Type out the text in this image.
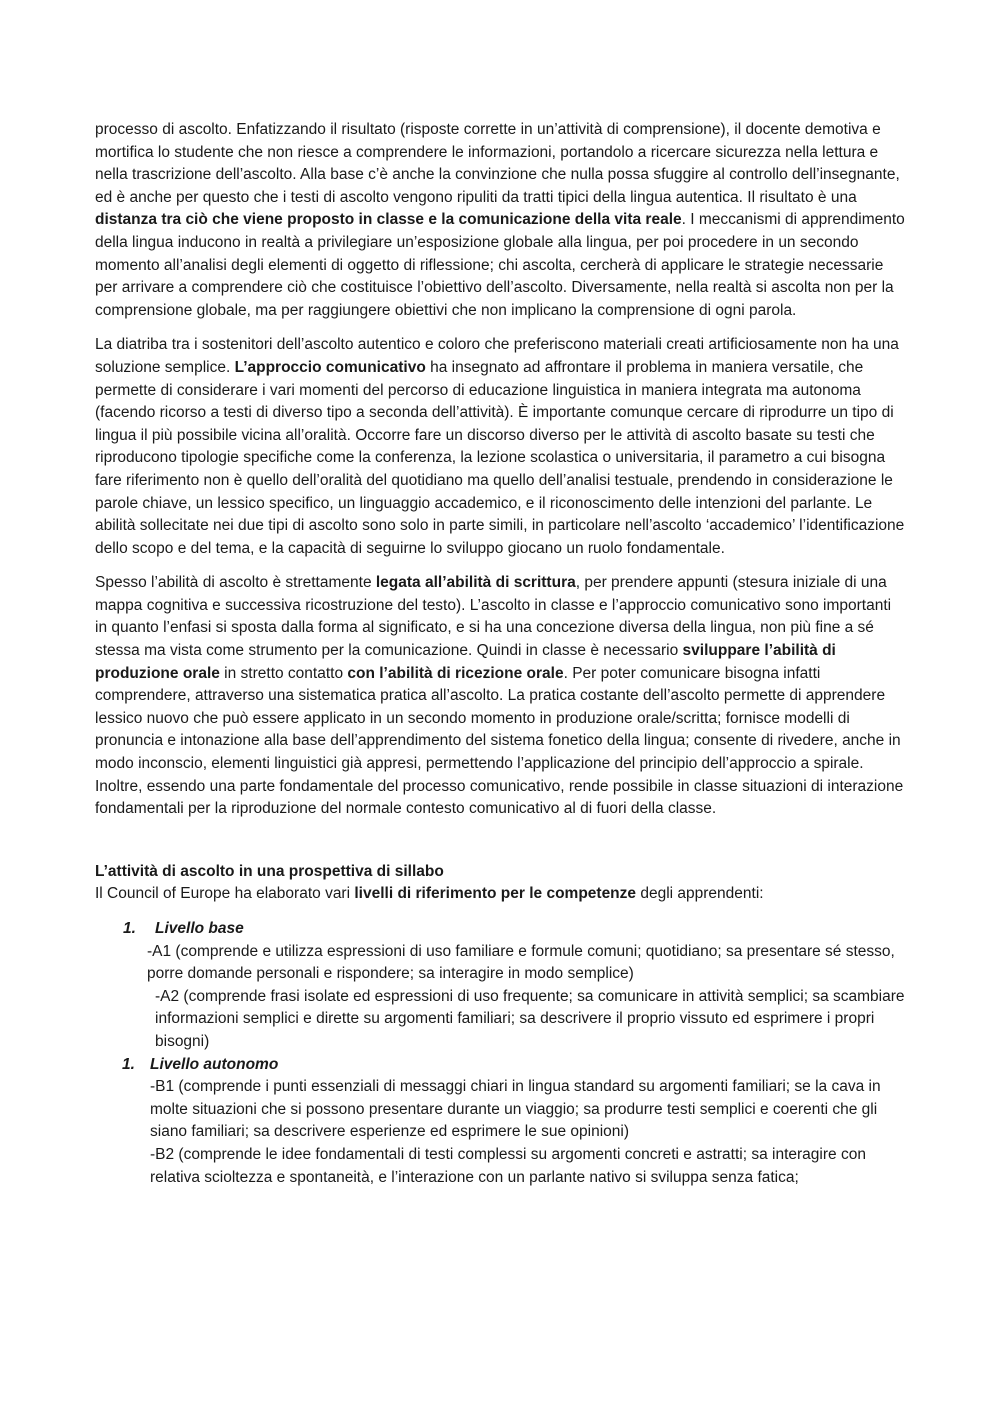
processo di ascolto. Enfatizzando il risultato (risposte corrette in un’attività di comprensione), il docente demotiva e mortifica lo studente che non riesce a comprendere le informazioni, portandolo a ricercare sicurezza nella lettura e nella trascrizione dell’ascolto. Alla base c’è anche la convinzione che nulla possa sfuggire al controllo dell’insegnante, ed è anche per questo che i testi di ascolto vengono ripuliti da tratti tipici della lingua autentica. Il risultato è una distanza tra ciò che viene proposto in classe e la comunicazione della vita reale. I meccanismi di apprendimento della lingua inducono in realtà a privilegiare un’esposizione globale alla lingua, per poi procedere in un secondo momento all’analisi degli elementi di oggetto di riflessione; chi ascolta, cercherà di applicare le strategie necessarie per arrivare a comprendere ciò che costituisce l’obiettivo dell’ascolto. Diversamente, nella realtà si ascolta non per la comprensione globale, ma per raggiungere obiettivi che non implicano la comprensione di ogni parola.

La diatriba tra i sostenitori dell’ascolto autentico e coloro che preferiscono materiali creati artificiosamente non ha una soluzione semplice. L’approccio comunicativo ha insegnato ad affrontare il problema in maniera versatile, che permette di considerare i vari momenti del percorso di educazione linguistica in maniera integrata ma autonoma (facendo ricorso a testi di diverso tipo a seconda dell’attività). È importante comunque cercare di riprodurre un tipo di lingua il più possibile vicina all’oralità. Occorre fare un discorso diverso per le attività di ascolto basate su testi che riproducono tipologie specifiche come la conferenza, la lezione scolastica o universitaria, il parametro a cui bisogna fare riferimento non è quello dell’oralità del quotidiano ma quello dell’analisi testuale, prendendo in considerazione le parole chiave, un lessico specifico, un linguaggio accademico, e il riconoscimento delle intenzioni del parlante. Le abilità sollecitate nei due tipi di ascolto sono solo in parte simili, in particolare nell’ascolto ‘accademico’ l’identificazione dello scopo e del tema, e la capacità di seguirne lo sviluppo giocano un ruolo fondamentale.

Spesso l’abilità di ascolto è strettamente legata all’abilità di scrittura, per prendere appunti (stesura iniziale di una mappa cognitiva e successiva ricostruzione del testo). L’ascolto in classe e l’approccio comunicativo sono importanti in quanto l’enfasi si sposta dalla forma al significato, e si ha una concezione diversa della lingua, non più fine a sé stessa ma vista come strumento per la comunicazione. Quindi in classe è necessario sviluppare l’abilità di produzione orale in stretto contatto con l’abilità di ricezione orale. Per poter comunicare bisogna infatti comprendere, attraverso una sistematica pratica all’ascolto. La pratica costante dell’ascolto permette di apprendere lessico nuovo che può essere applicato in un secondo momento in produzione orale/scritta; fornisce modelli di pronuncia e intonazione alla base dell’apprendimento del sistema fonetico della lingua; consente di rivedere, anche in modo inconscio, elementi linguistici già appresi, permettendo l’applicazione del principio dell’approccio a spirale. Inoltre, essendo una parte fondamentale del processo comunicativo, rende possibile in classe situazioni di interazione fondamentali per la riproduzione del normale contesto comunicativo al di fuori della classe.

L’attività di ascolto in una prospettiva di sillabo
Il Council of Europe ha elaborato vari livelli di riferimento per le competenze degli apprendenti:
1. Livello base
-A1 (comprende e utilizza espressioni di uso familiare e formule comuni; quotidiano; sa presentare sé stesso, porre domande personali e rispondere; sa interagire in modo semplice)
-A2 (comprende frasi isolate ed espressioni di uso frequente; sa comunicare in attività semplici; sa scambiare informazioni semplici e dirette su argomenti familiari; sa descrivere il proprio vissuto ed esprimere i propri bisogni)
1. Livello autonomo
-B1 (comprende i punti essenziali di messaggi chiari in lingua standard su argomenti familiari; se la cava in molte situazioni che si possono presentare durante un viaggio; sa produrre testi semplici e coerenti che gli siano familiari; sa descrivere esperienze ed esprimere le sue opinioni)
-B2 (comprende le idee fondamentali di testi complessi su argomenti concreti e astratti; sa interagire con relativa scioltezza e spontaneità, e l’interazione con un parlante nativo si sviluppa senza fatica;
